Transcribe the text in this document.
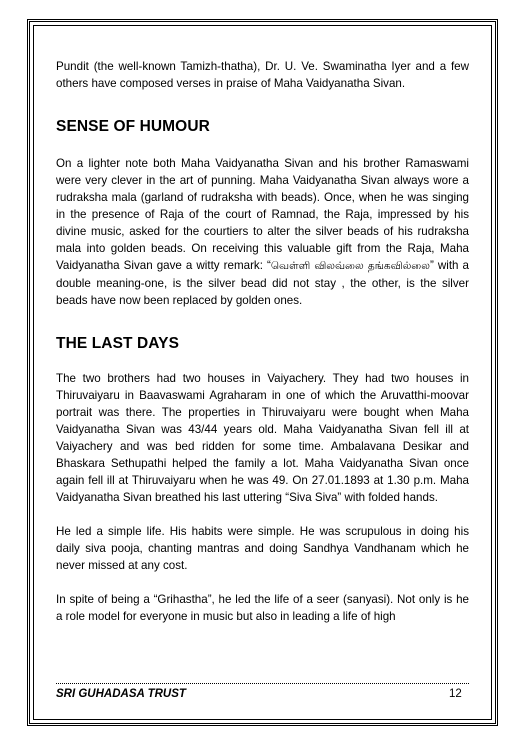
Pundit (the well-known Tamizh-thatha), Dr. U. Ve. Swaminatha Iyer and a few others have composed verses in praise of Maha Vaidyanatha Sivan.

SENSE OF HUMOUR

On a lighter note both Maha Vaidyanatha Sivan and his brother Ramaswami were very clever in the art of punning. Maha Vaidyanatha Sivan always wore a rudraksha mala (garland of rudraksha with beads). Once, when he was singing in the presence of Raja of the court of Ramnad, the Raja, impressed by his divine music, asked for the courtiers to alter the silver beads of his rudraksha mala into golden beads. On receiving this valuable gift from the Raja, Maha Vaidyanatha Sivan gave a witty remark: “வெள்ளி விலவ்லை தங்கவில்லை” with a double meaning-one, is the silver bead did not stay , the other, is the silver beads have now been replaced by golden ones.

THE LAST DAYS

The two brothers had two houses in Vaiyachery. They had two houses in Thiruvaiyaru in Baavaswami Agraharam in one of which the Aruvatthi-moovar portrait was there. The properties in Thiruvaiyaru were bought when Maha Vaidyanatha Sivan was 43/44 years old. Maha Vaidyanatha Sivan fell ill at Vaiyachery and was bed ridden for some time. Ambalavana Desikar and Bhaskara Sethupathi helped the family a lot. Maha Vaidyanatha Sivan once again fell ill at Thiruvaiyaru when he was 49. On 27.01.1893 at 1.30 p.m. Maha Vaidyanatha Sivan breathed his last uttering “Siva Siva” with folded hands.

He led a simple life. His habits were simple. He was scrupulous in doing his daily siva pooja, chanting mantras and doing Sandhya Vandhanam which he never missed at any cost.

In spite of being a “Grihastha”, he led the life of a seer (sanyasi). Not only is he a role model for everyone in music but also in leading a life of high

SRI GUHADASA TRUST	12
